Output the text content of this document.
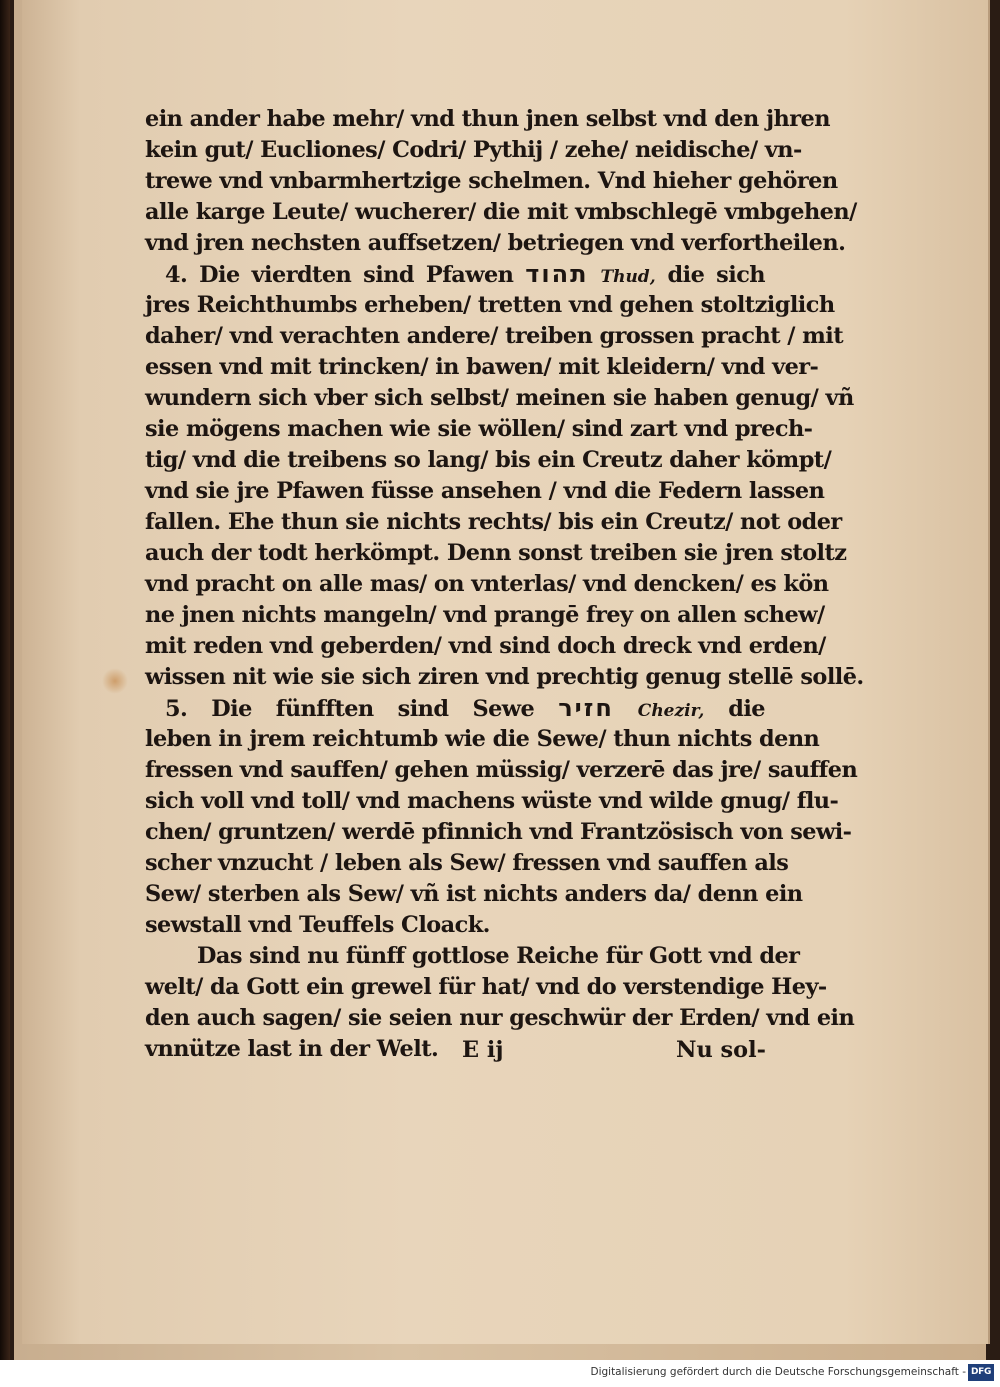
ein ander habe mehr/ vnd thun jnen selbst vnd den jhren
kein gut/ Eucliones/ Codri/ Pythij / zehe/ neidische/ vn-
trewe vnd vnbarmhertzige schelmen. Vnd hieher gehören
alle karge Leute/ wucherer/ die mit vmbschlegē vmbgehen/
vnd jren nechsten auffsetzen/ betriegen vnd verfortheilen.
4. Die vierdten sind Pfawen תהוד Thud, die sich
jres Reichthumbs erheben/ tretten vnd gehen stoltziglich
daher/ vnd verachten andere/ treiben grossen pracht / mit
essen vnd mit trincken/ in bawen/ mit kleidern/ vnd ver-
wundern sich vber sich selbst/ meinen sie haben genug/ vñ
sie mögens machen wie sie wöllen/ sind zart vnd prech-
tig/ vnd die treibens so lang/ bis ein Creutz daher kömpt/
vnd sie jre Pfawen füsse ansehen / vnd die Federn lassen
fallen. Ehe thun sie nichts rechts/ bis ein Creutz/ not oder
auch der todt herkömpt. Denn sonst treiben sie jren stoltz
vnd pracht on alle mas/ on vnterlas/ vnd dencken/ es kön
ne jnen nichts mangeln/ vnd prangē frey on allen schew/
mit reden vnd geberden/ vnd sind doch dreck vnd erden/
wissen nit wie sie sich ziren vnd prechtig genug stellē sollē.
5. Die fünfften sind Sewe חזיר Chezir, die
leben in jrem reichtumb wie die Sewe/ thun nichts denn
fressen vnd sauffen/ gehen müssig/ verzerē das jre/ sauffen
sich voll vnd toll/ vnd machens wüste vnd wilde gnug/ flu-
chen/ gruntzen/ werdē pfinnich vnd Frantzösisch von sewi-
scher vnzucht / leben als Sew/ fressen vnd sauffen als
Sew/ sterben als Sew/ vñ ist nichts anders da/ denn ein
sewstall vnd Teuffels Cloack.
Das sind nu fünff gottlose Reiche für Gott vnd der
welt/ da Gott ein grewel für hat/ vnd do verstendige Hey-
den auch sagen/ sie seien nur geschwür der Erden/ vnd ein
vnnütze last in der Welt.	E ij	Nu sol-
Digitalisierung gefördert durch die Deutsche Forschungsgemeinschaft - DFG
